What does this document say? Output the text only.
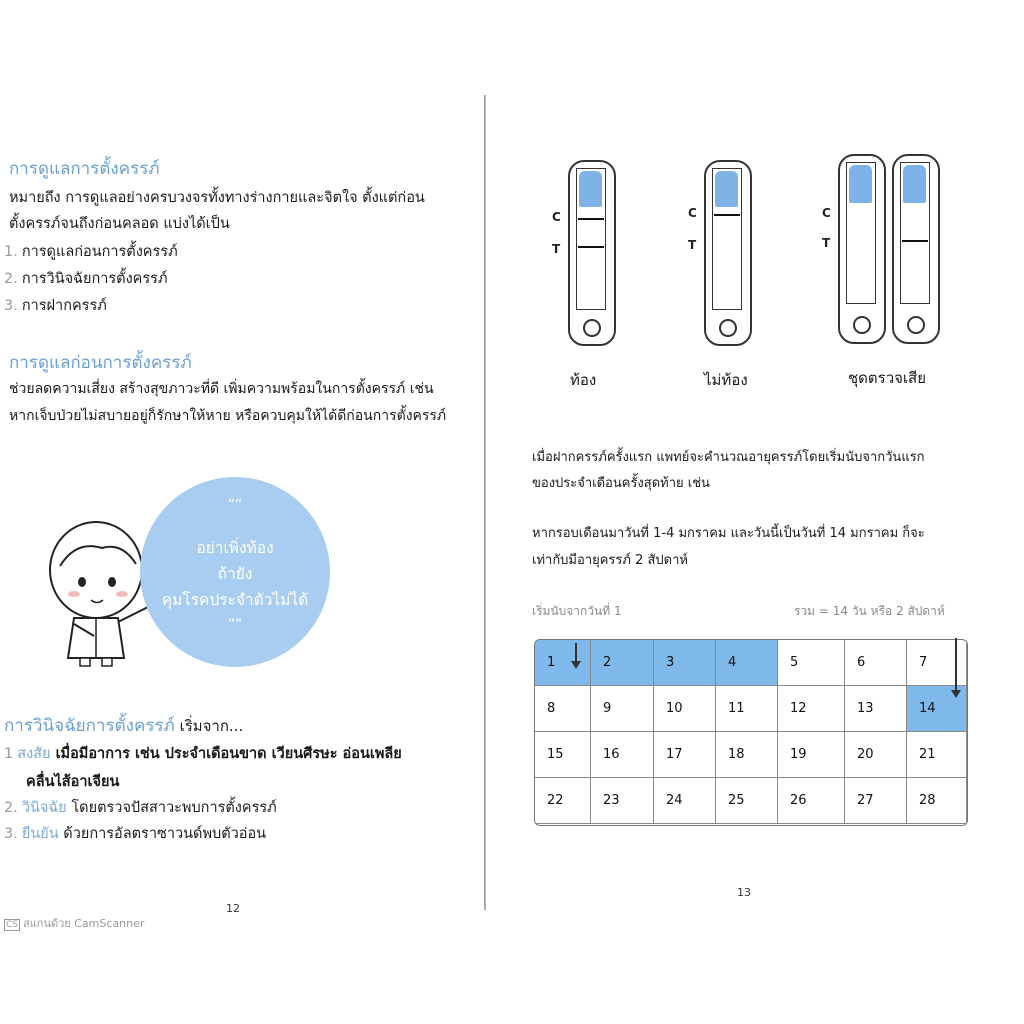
การดูแลการตั้งครรภ์
หมายถึง การดูแลอย่างครบวงจรทั้งทางร่างกายและจิตใจ ตั้งแต่ก่อน
ตั้งครรภ์จนถึงก่อนคลอด แบ่งได้เป็น
1. การดูแลก่อนการตั้งครรภ์
2. การวินิจฉัยการตั้งครรภ์
3. การฝากครรภ์
การดูแลก่อนการตั้งครรภ์
ช่วยลดความเสี่ยง สร้างสุขภาวะที่ดี เพิ่มความพร้อมในการตั้งครรภ์ เช่น
หากเจ็บป่วยไม่สบายอยู่ก็รักษาให้หาย หรือควบคุมให้ได้ดีก่อนการตั้งครรภ์
““
อย่าเพิ่งท้อง
ถ้ายัง
คุมโรคประจำตัวไม่ได้
””
การวินิจฉัยการตั้งครรภ์ เริ่มจาก...
1 สงสัย เมื่อมีอาการ เช่น ประจำเดือนขาด เวียนศีรษะ อ่อนเพลีย
คลื่นไส้อาเจียน
2. วินิจฉัย โดยตรวจปัสสาวะพบการตั้งครรภ์
3. ยืนยัน ด้วยการอัลตราซาวนด์พบตัวอ่อน
12
C
T
C
T
C
T
ท้อง	ไม่ท้อง	ชุดตรวจเสีย
เมื่อฝากครรภ์ครั้งแรก แพทย์จะคำนวณอายุครรภ์โดยเริ่มนับจากวันแรก
ของประจำเดือนครั้งสุดท้าย เช่น
หากรอบเดือนมาวันที่ 1-4 มกราคม และวันนี้เป็นวันที่ 14 มกราคม ก็จะ
เท่ากับมีอายุครรภ์ 2 สัปดาห์
เริ่มนับจากวันที่ 1	รวม = 14 วัน หรือ 2 สัปดาห์
13
1	2	3	4	5	6	7
8	9	10	11	12	13	14
15	16	17	18	19	20	21
22	23	24	25	26	27	28
CS สแกนด้วย CamScanner
